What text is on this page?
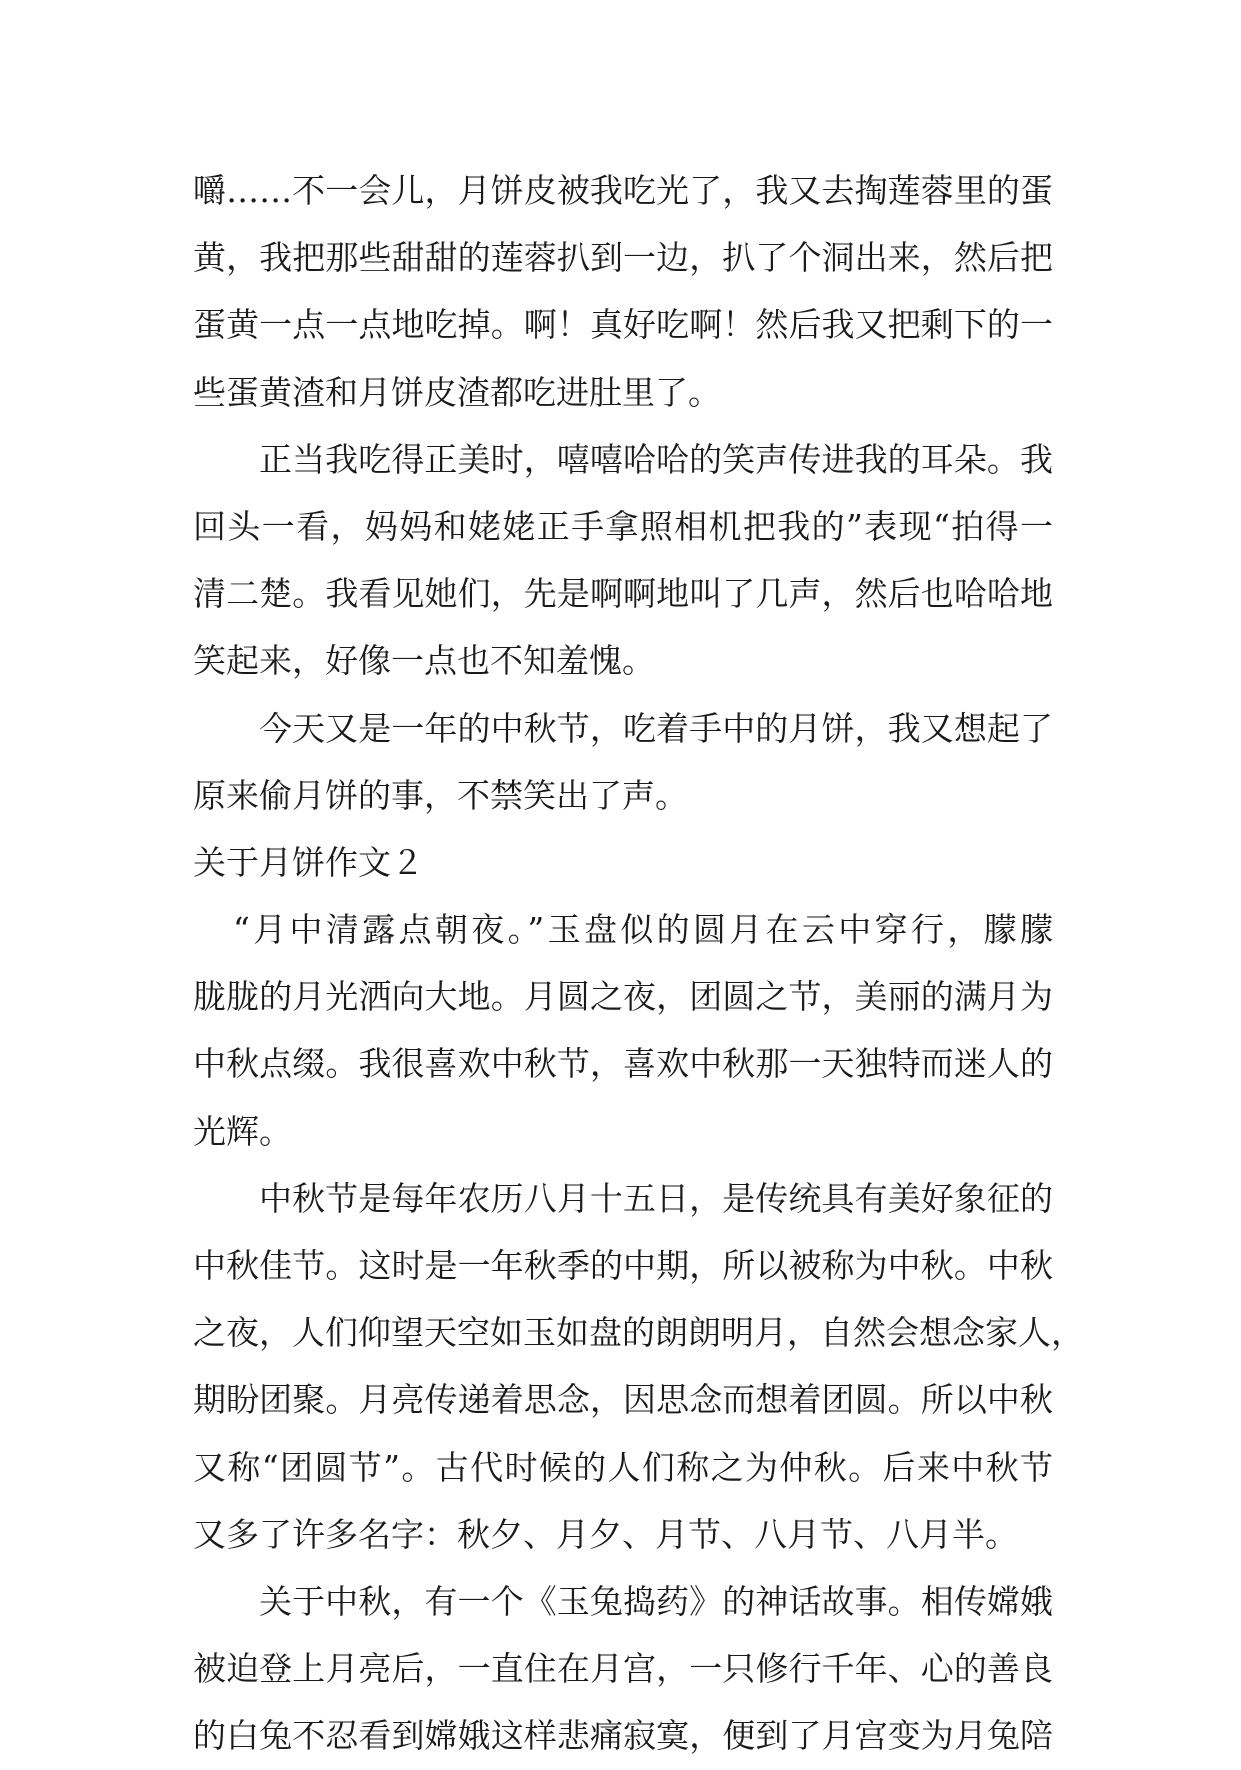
嚼……不一会儿，月饼皮被我吃光了，我又去掏莲蓉里的蛋
黄，我把那些甜甜的莲蓉扒到一边，扒了个洞出来，然后把
蛋黄一点一点地吃掉。啊！真好吃啊！然后我又把剩下的一
些蛋黄渣和月饼皮渣都吃进肚里了。
正当我吃得正美时，嘻嘻哈哈的笑声传进我的耳朵。我
回头一看，妈妈和姥姥正手拿照相机把我的”表现“拍得一
清二楚。我看见她们，先是啊啊地叫了几声，然后也哈哈地
笑起来，好像一点也不知羞愧。
今天又是一年的中秋节，吃着手中的月饼，我又想起了
原来偷月饼的事，不禁笑出了声。
关于月饼作文２
“月中清露点朝夜。”玉盘似的圆月在云中穿行，朦朦
胧胧的月光洒向大地。月圆之夜，团圆之节，美丽的满月为
中秋点缀。我很喜欢中秋节，喜欢中秋那一天独特而迷人的
光辉。
中秋节是每年农历八月十五日，是传统具有美好象征的
中秋佳节。这时是一年秋季的中期，所以被称为中秋。中秋
之夜，人们仰望天空如玉如盘的朗朗明月，自然会想念家人，
期盼团聚。月亮传递着思念，因思念而想着团圆。所以中秋
又称“团圆节”。古代时候的人们称之为仲秋。后来中秋节
又多了许多名字：秋夕、月夕、月节、八月节、八月半。
关于中秋，有一个《玉兔捣药》的神话故事。相传嫦娥
被迫登上月亮后，一直住在月宫，一只修行千年、心的善良
的白兔不忍看到嫦娥这样悲痛寂寞，便到了月宫变为月兔陪
